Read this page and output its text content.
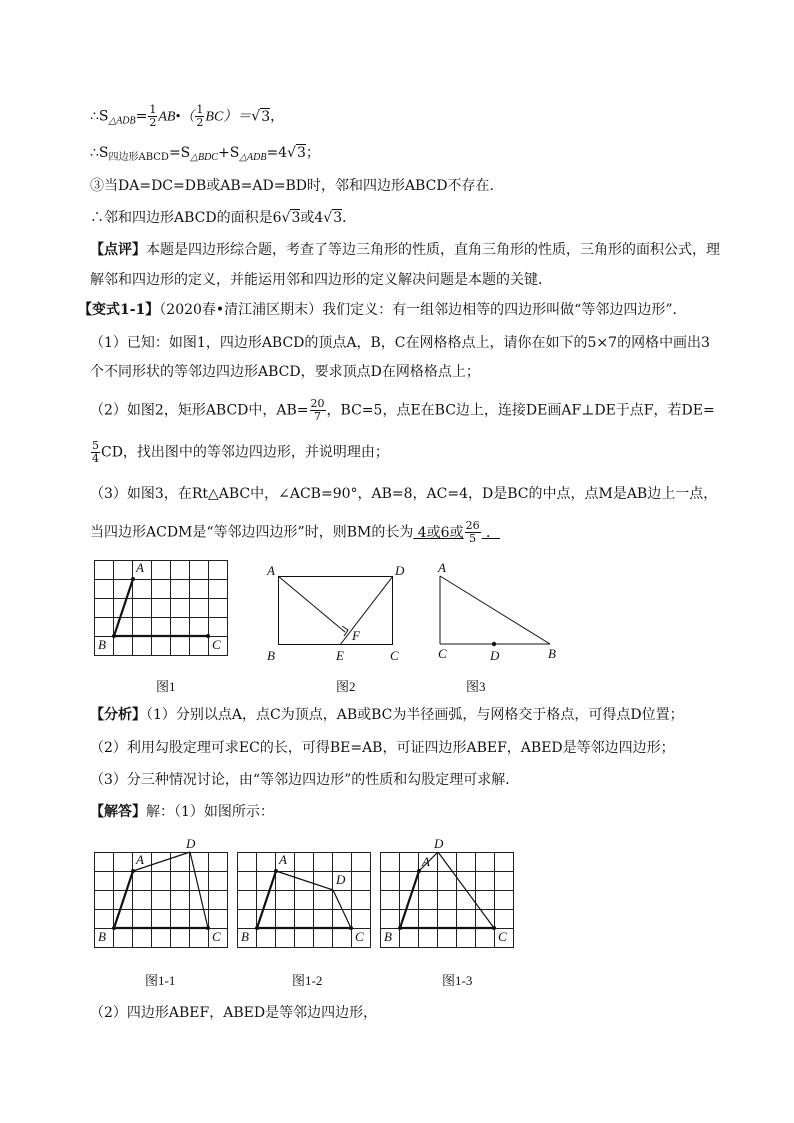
$\therefore S_{\triangle ADB}= \frac{1}{2}$ AB•（ $\frac{1}{2} BC)=√3$，
$\therefore S_{四边形ABCD}=S_{\triangle BDC}+S_{\triangle ADB}=4√3$；
③当DA=DC=DB或AB=AD=BD时，邻和四边形ABCD不存在．
∴邻和四边形ABCD的面积是6√3或4√3．
【点评】本题是四边形综合题，考查了等边三角形的性质，直角三角形的性质，三角形的面积公式，理
解邻和四边形的定义，并能运用邻和四边形的定义解决问题是本题的关键．
【变式1-1】（2020春•清江浦区期末）我们定义：有一组邻边相等的四边形叫做“等邻边四边形”．
（1）已知：如图1，四边形ABCD的顶点A，B，C在网格格点上，请你在如下的5×7的网格中画出3
个不同形状的等邻边四边形ABCD，要求顶点D在网格格点上；
（2）如图2，矩形ABCD中，$AB= \frac{20}{7}$ ，BC=5，点E在BC边上，连接DE画AF⊥DE于点F，若DE=
$\frac{5}{4}$ CD，找出图中的等邻边四边形，并说明理由；
（3）如图3，在Rt△ABC中，∠ACB=90°，AB=8，AC=4，D是BC的中点，点M是AB边上一点，
当四边形ACDM是“等邻边四边形”时，则BM的长为 4或6或 $\frac{26}{5}$ ．
A
B	C
图1
A	D
B	E	C
F
图2
A
C	D	B
图3
【分析】（1）分别以点A，点C为顶点，AB或BC为半径画弧，与网格交于格点，可得点D位置；
（2）利用勾股定理可求EC的长，可得BE=AB，可证四边形ABEF，ABED是等邻边四边形；
（3）分三种情况讨论，由“等邻边四边形”的性质和勾股定理可求解．
【解答】解：（1）如图所示：
A
D
B	C
图1-1
A
D
B	C
图1-2
A
D
B	C
图1-3
（2）四边形ABEF，ABED是等邻边四边形，
